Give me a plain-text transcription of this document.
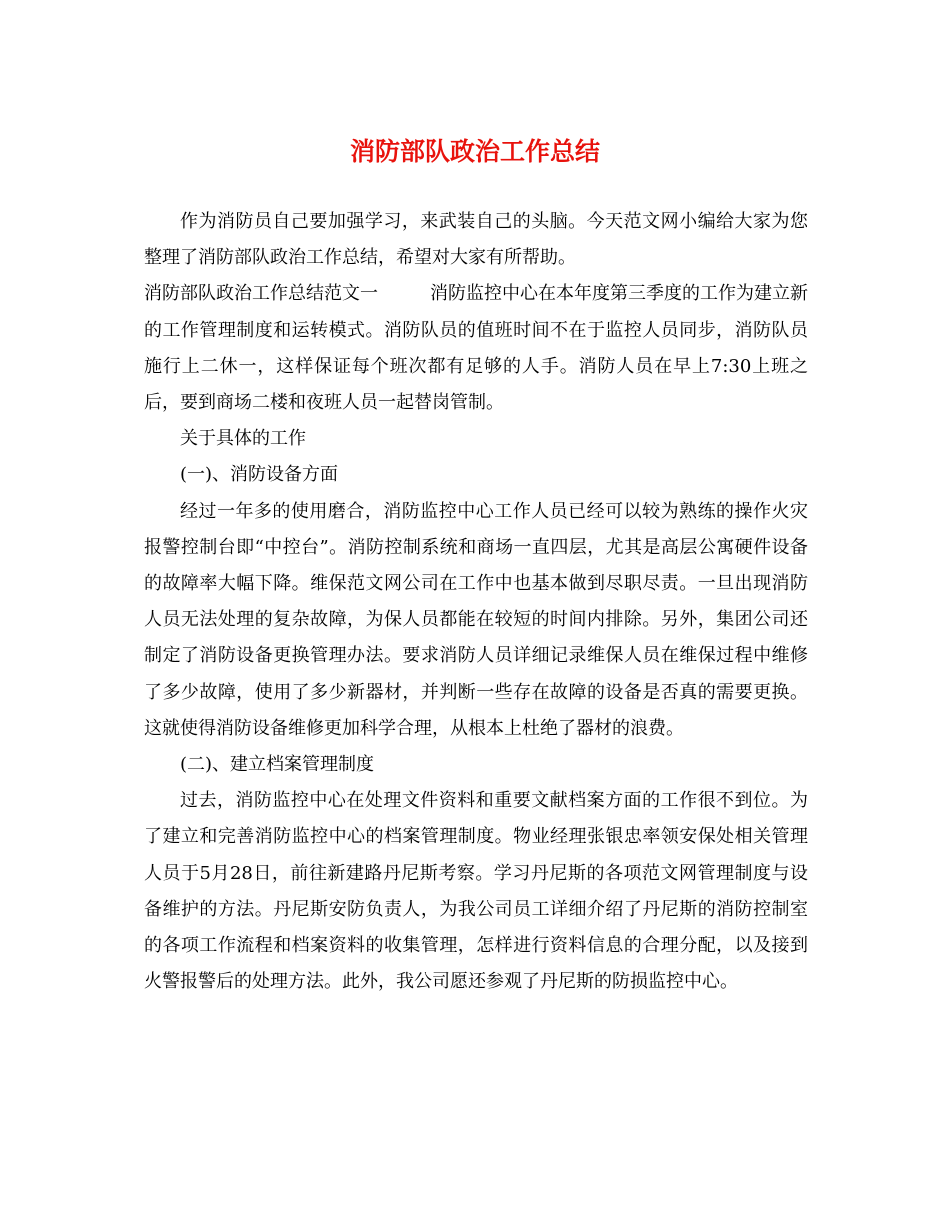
消防部队政治工作总结

作为消防员自己要加强学习，来武装自己的头脑。今天范文网小编给大家为您整理了消防部队政治工作总结，希望对大家有所帮助。

消防部队政治工作总结范文一	消防监控中心在本年度第三季度的工作为建立新的工作管理制度和运转模式。消防队员的值班时间不在于监控人员同步，消防队员施行上二休一，这样保证每个班次都有足够的人手。消防人员在早上7:30上班之后，要到商场二楼和夜班人员一起替岗管制。

关于具体的工作

(一)、消防设备方面

经过一年多的使用磨合，消防监控中心工作人员已经可以较为熟练的操作火灾报警控制台即“中控台”。消防控制系统和商场一直四层，尤其是高层公寓硬件设备的故障率大幅下降。维保范文网公司在工作中也基本做到尽职尽责。一旦出现消防人员无法处理的复杂故障，为保人员都能在较短的时间内排除。另外，集团公司还制定了消防设备更换管理办法。要求消防人员详细记录维保人员在维保过程中维修了多少故障，使用了多少新器材，并判断一些存在故障的设备是否真的需要更换。这就使得消防设备维修更加科学合理，从根本上杜绝了器材的浪费。

(二)、建立档案管理制度

过去，消防监控中心在处理文件资料和重要文献档案方面的工作很不到位。为了建立和完善消防监控中心的档案管理制度。物业经理张银忠率领安保处相关管理人员于5月28日，前往新建路丹尼斯考察。学习丹尼斯的各项范文网管理制度与设备维护的方法。丹尼斯安防负责人，为我公司员工详细介绍了丹尼斯的消防控制室的各项工作流程和档案资料的收集管理，怎样进行资料信息的合理分配，以及接到火警报警后的处理方法。此外，我公司愿还参观了丹尼斯的防损监控中心。
